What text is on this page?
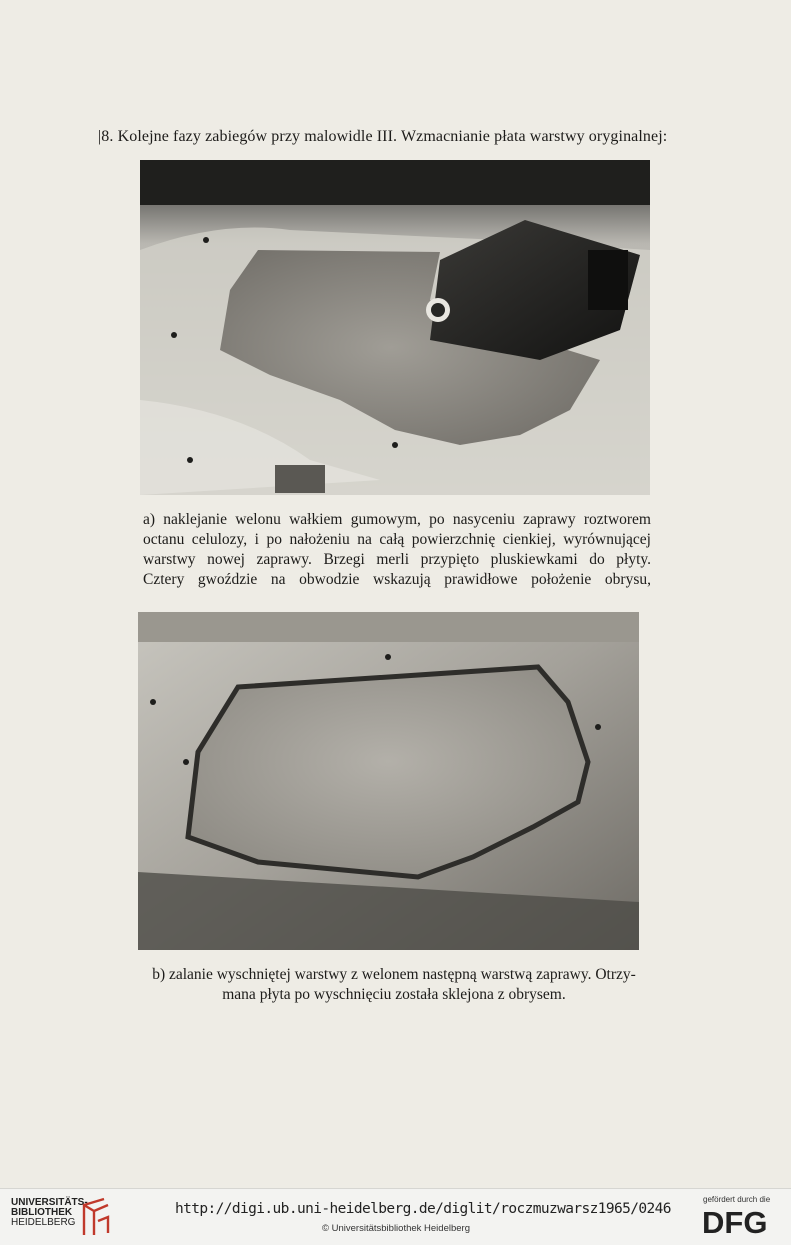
|8. Kolejne fazy zabiegów przy malowidle III. Wzmacnianie płata warstwy oryginalnej:
a) naklejanie welonu wałkiem gumowym, po nasyceniu zaprawy roztworem
octanu celulozy, i po nałożeniu na całą powierzchnię cienkiej, wyrównującej
warstwy nowej zaprawy. Brzegi merli przypięto pluskiewkami do płyty.
Cztery gwoździe na obwodzie wskazują prawidłowe położenie obrysu,
b) zalanie wyschniętej warstwy z welonem następną warstwą zaprawy. Otrzy-
mana płyta po wyschnięciu została sklejona z obrysem.
UNIVERSITÄTS-
BIBLIOTHEK
HEIDELBERG
http://digi.ub.uni-heidelberg.de/diglit/roczmuzwarsz1965/0246
© Universitätsbibliothek Heidelberg
gefördert durch die
DFG
